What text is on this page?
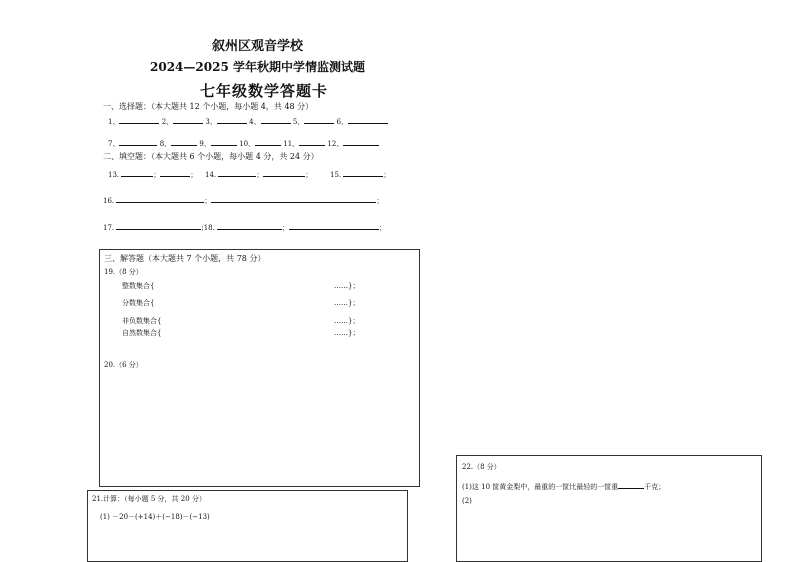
叙州区观音学校
2024—2025 学年秋期中学情监测试题
七年级数学答题卡
一、选择题：（本大题共 12 个小题，每小题 4，共 48 分）
1、	2、	3、	4、	5、	6、
7、	8、	9、	10、	11、	12、
二、填空题：（本大题共 6 个小题，每小题 4 分，共 24 分）
13.	；	； 14.	；	；	15.	；
16.	；	；
17.	;18.	；	；
三、解答题（本大题共 7 个小题，共 78 分）
19.（8 分）
整数集合{	……}；
分数集合{	……}；
非负数集合{	……}；
自然数集合{	……}；
20.（6 分）
21.计算：（每小题 5 分，共 20 分）
(1) －20－(+14)＋(−18)－(−13)
22.（8 分）
(1)这 10 筐黄金梨中，最重的一筐比最轻的一筐重	千克；
(2)
